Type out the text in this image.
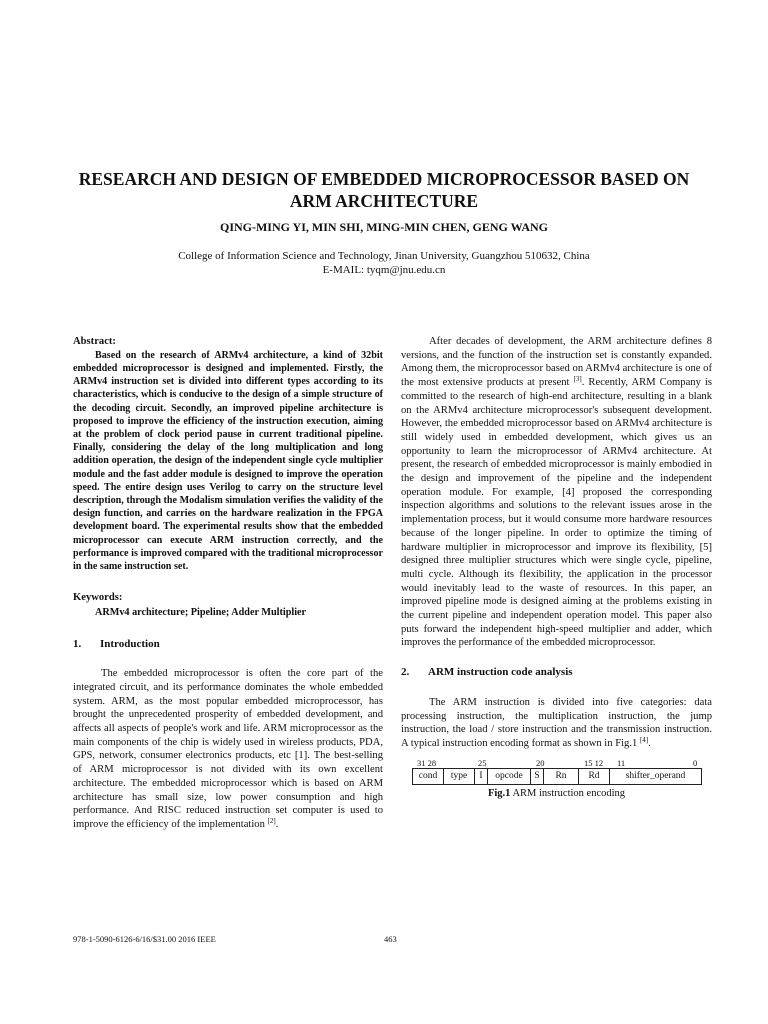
RESEARCH AND DESIGN OF EMBEDDED MICROPROCESSOR BASED ON ARM ARCHITECTURE
QING-MING YI, MIN SHI, MING-MIN CHEN, GENG WANG
College of Information Science and Technology, Jinan University, Guangzhou 510632, China
E-MAIL: tyqm@jnu.edu.cn

Abstract:

Based on the research of ARMv4 architecture, a kind of 32bit embedded microprocessor is designed and implemented. Firstly, the ARMv4 instruction set is divided into different types according to its characteristics, which is conducive to the design of a simple structure of the decoding circuit. Secondly, an improved pipeline architecture is proposed to improve the efficiency of the instruction execution, aiming at the problem of clock period pause in current traditional pipeline. Finally, considering the delay of the long multiplication and long addition operation, the design of the independent single cycle multiplier module and the fast adder module is designed to improve the operation speed. The entire design uses Verilog to carry on the structure level description, through the Modalism simulation verifies the validity of the design function, and carries on the hardware realization in the FPGA development board. The experimental results show that the embedded microprocessor can execute ARM instruction correctly, and the performance is improved compared with the traditional microprocessor in the same instruction set.

Keywords:

ARMv4 architecture; Pipeline; Adder Multiplier

1. Introduction

The embedded microprocessor is often the core part of the integrated circuit, and its performance dominates the whole embedded system. ARM, as the most popular embedded microprocessor, has brought the unprecedented prosperity of embedded development, and affects all aspects of people's work and life. ARM microprocessor as the main components of the chip is widely used in wireless products, PDA, GPS, network, consumer electronics products, etc [1]. The best-selling of ARM microprocessor is not divided with its own excellent architecture. The embedded microprocessor which is based on ARM architecture has small size, low power consumption and high performance. And RISC reduced instruction set computer is used to improve the efficiency of the implementation [2].

After decades of development, the ARM architecture defines 8 versions, and the function of the instruction set is constantly expanded. Among them, the microprocessor based on ARMv4 architecture is one of the most extensive products at present [3]. Recently, ARM Company is committed to the research of high-end architecture, resulting in a blank on the ARMv4 architecture microprocessor's subsequent development. However, the embedded microprocessor based on ARMv4 architecture is still widely used in embedded development, which gives us an opportunity to learn the microprocessor of ARMv4 architecture. At present, the research of embedded microprocessor is mainly embodied in the design and improvement of the pipeline and the independent operation module. For example, [4] proposed the corresponding inspection algorithms and solutions to the relevant issues arose in the implementation process, but it would consume more hardware resources because of the longer pipeline. In order to optimize the timing of hardware multiplier in microprocessor and improve its flexibility, [5] designed three multiplier structures which were single cycle, pipeline, multi cycle. Although its flexibility, the application in the processor would inevitably lead to the waste of resources. In this paper, an improved pipeline mode is designed aiming at the problems existing in the current pipeline and independent operation model. This paper also puts forward the independent high-speed multiplier and adder, which improves the performance of the embedded microprocessor.

2. ARM instruction code analysis

The ARM instruction is divided into five categories: data processing instruction, the multiplication instruction, the jump instruction, the load / store instruction and the transmission instruction. A typical instruction encoding format as shown in Fig.1 [4].

31 28	25	20	15 12 11	0
cond	type	I	opcode	S	Rn	Rd	shifter_operand
Fig.1 ARM instruction encoding
978-1-5090-6126-6/16/$31.00 2016 IEEE	463
